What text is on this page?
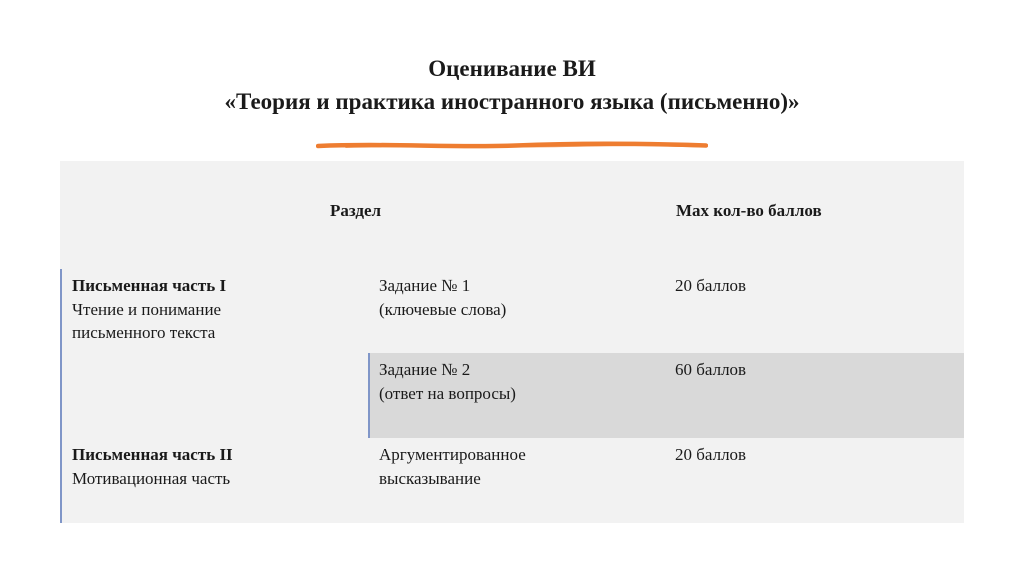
Оценивание ВИ
«Теория и практика иностранного языка (письменно)»
Раздел	Max кол-во баллов
Письменная часть I
Чтение и понимание
письменного текста
Задание № 1
(ключевые слова)
20 баллов
Задание № 2
(ответ на вопросы)
60 баллов
Письменная часть II
Мотивационная часть
Аргументированное
высказывание
20 баллов
